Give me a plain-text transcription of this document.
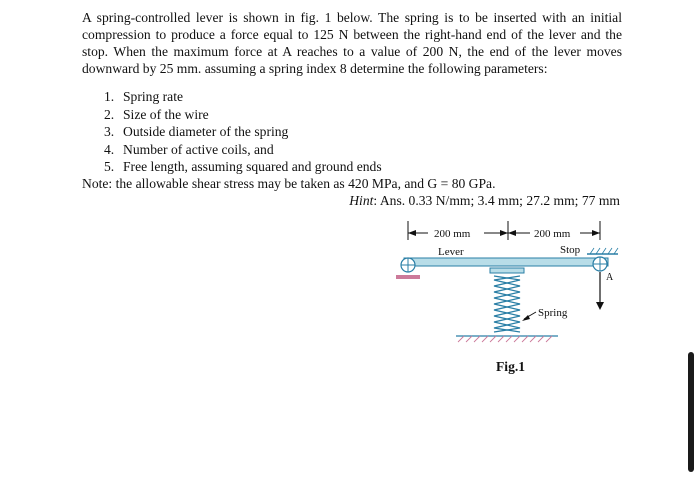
A spring-controlled lever is shown in fig. 1 below. The spring is to be inserted with an initial compression to produce a force equal to 125 N between the right-hand end of the lever and the stop. When the maximum force at A reaches to a value of 200 N, the end of the lever moves downward by 25 mm. assuming a spring index 8 determine the following parameters:

1. Spring rate
2. Size of the wire
3. Outside diameter of the spring
4. Number of active coils, and
5. Free length, assuming squared and ground ends

Note: the allowable shear stress may be taken as 420 MPa, and G = 80 GPa.

Hint: Ans. 0.33 N/mm; 3.4 mm; 27.2 mm; 77 mm

200 mm	200 mm
Lever	Stop
A
Spring

Fig.1
